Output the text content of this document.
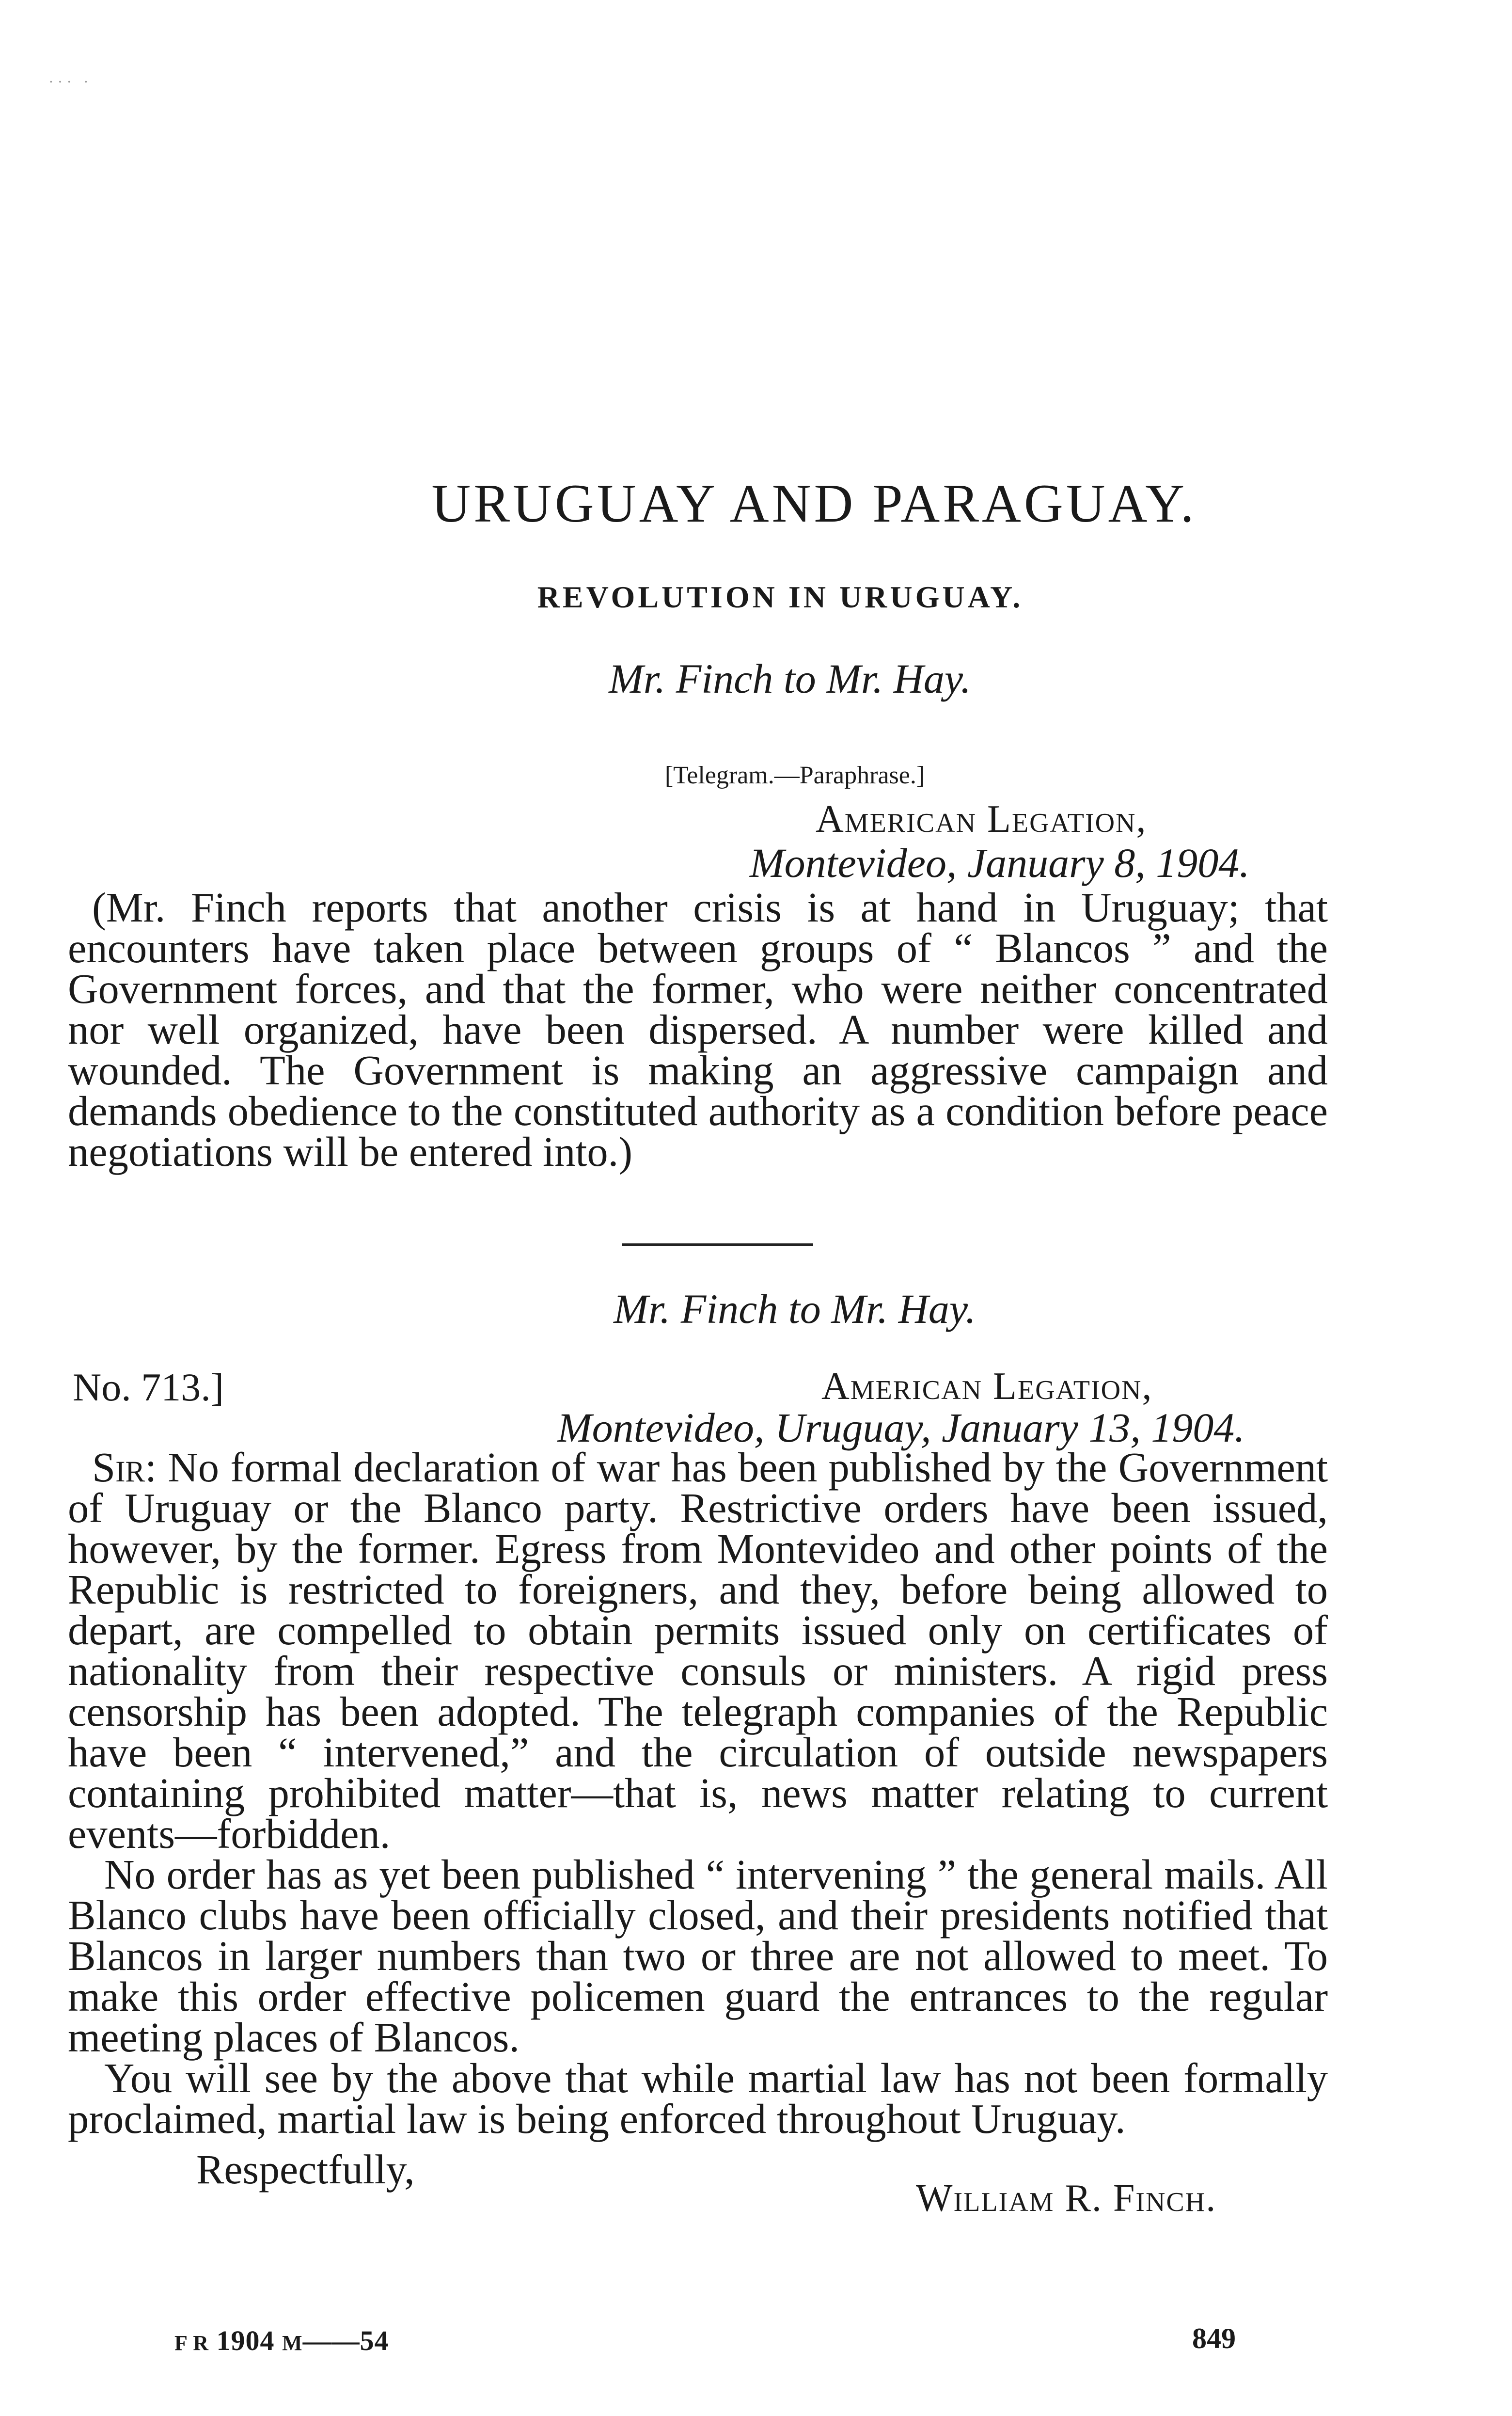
··· ·
URUGUAY AND PARAGUAY.
REVOLUTION IN URUGUAY.
Mr. Finch to Mr. Hay.
[Telegram.—Paraphrase.]
American Legation,
Montevideo, January 8, 1904.

(Mr. Finch reports that another crisis is at hand in Uruguay; that encounters have taken place between groups of “ Blancos ” and the Government forces, and that the former, who were neither concentrated nor well organized, have been dispersed. A number were killed and wounded. The Government is making an aggressive campaign and demands obedience to the constituted authority as a condition before peace negotiations will be entered into.)

Mr. Finch to Mr. Hay.
No. 713.]	American Legation,
Montevideo, Uruguay, January 13, 1904.

Sir: No formal declaration of war has been published by the Government of Uruguay or the Blanco party. Restrictive orders have been issued, however, by the former. Egress from Montevideo and other points of the Republic is restricted to foreigners, and they, before being allowed to depart, are compelled to obtain permits issued only on certificates of nationality from their respective consuls or ministers. A rigid press censorship has been adopted. The telegraph companies of the Republic have been “ intervened,” and the circulation of outside newspapers containing prohibited matter—that is, news matter relating to current events—forbidden.

No order has as yet been published “ intervening ” the general mails. All Blanco clubs have been officially closed, and their presidents notified that Blancos in larger numbers than two or three are not allowed to meet. To make this order effective policemen guard the entrances to the regular meeting places of Blancos.

You will see by the above that while martial law has not been formally proclaimed, martial law is being enforced throughout Uruguay.

Respectfully,
William R. Finch.
F R 1904 M——54	849
